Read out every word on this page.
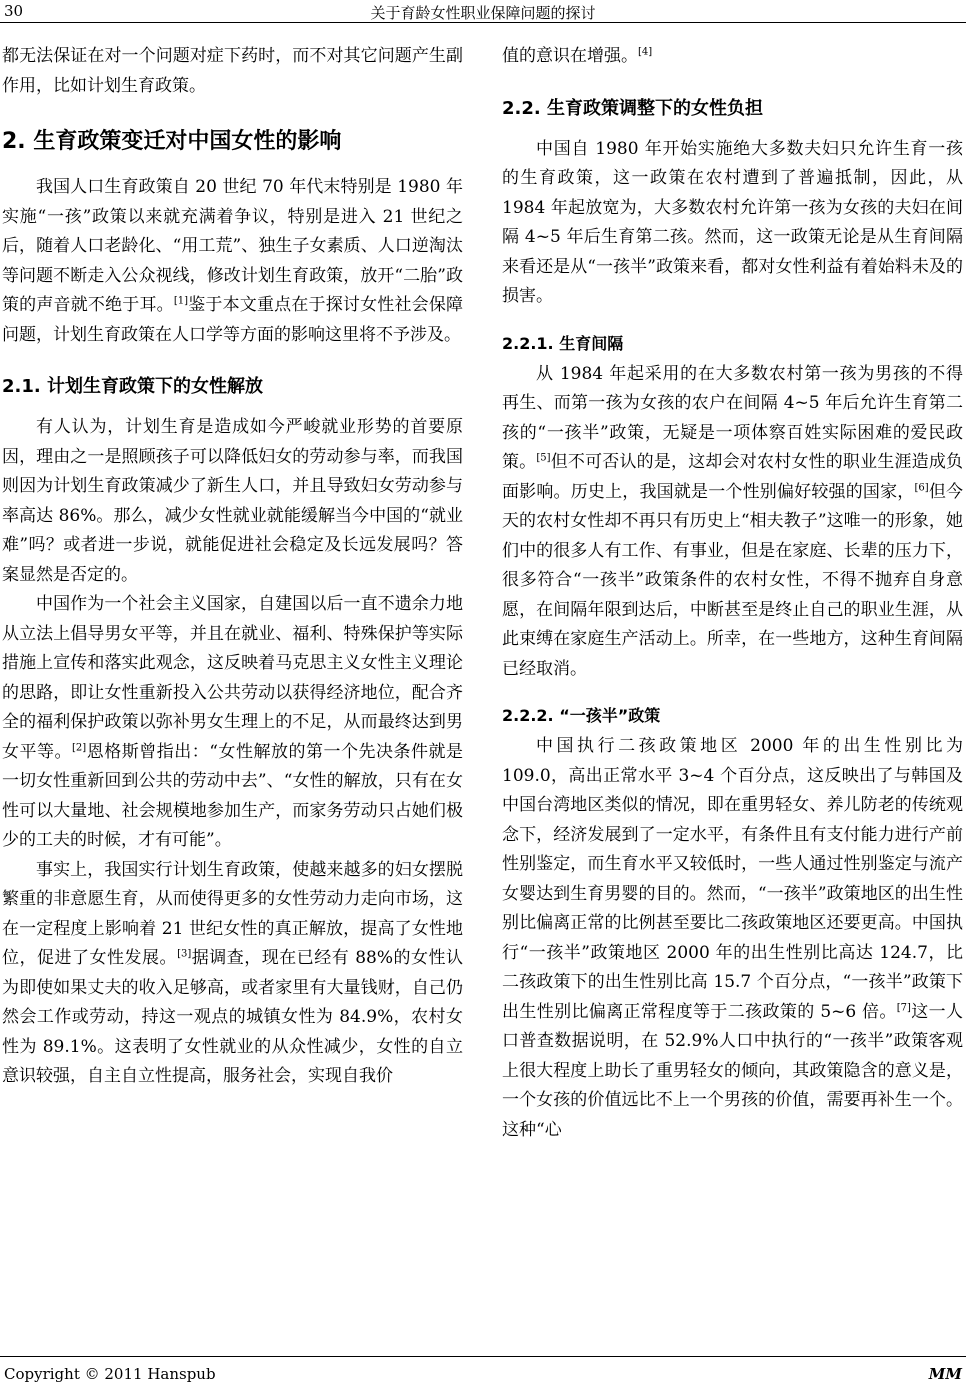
30	关于育龄女性职业保障问题的探讨

都无法保证在对一个问题对症下药时，而不对其它问题产生副作用，比如计划生育政策。

2. 生育政策变迁对中国女性的影响

我国人口生育政策自 20 世纪 70 年代末特别是 1980 年实施“一孩”政策以来就充满着争议，特别是进入 21 世纪之后，随着人口老龄化、“用工荒”、独生子女素质、人口逆淘汰等问题不断走入公众视线，修改计划生育政策，放开“二胎”政策的声音就不绝于耳。[1]鉴于本文重点在于探讨女性社会保障问题，计划生育政策在人口学等方面的影响这里将不予涉及。

2.1. 计划生育政策下的女性解放

有人认为，计划生育是造成如今严峻就业形势的首要原因，理由之一是照顾孩子可以降低妇女的劳动参与率，而我国则因为计划生育政策减少了新生人口，并且导致妇女劳动参与率高达 86%。那么，减少女性就业就能缓解当今中国的“就业难”吗？或者进一步说，就能促进社会稳定及长远发展吗？答案显然是否定的。

中国作为一个社会主义国家，自建国以后一直不遗余力地从立法上倡导男女平等，并且在就业、福利、特殊保护等实际措施上宣传和落实此观念，这反映着马克思主义女性主义理论的思路，即让女性重新投入公共劳动以获得经济地位，配合齐全的福利保护政策以弥补男女生理上的不足，从而最终达到男女平等。[2]恩格斯曾指出：“女性解放的第一个先决条件就是一切女性重新回到公共的劳动中去”、“女性的解放，只有在女性可以大量地、社会规模地参加生产，而家务劳动只占她们极少的工夫的时候，才有可能”。

事实上，我国实行计划生育政策，使越来越多的妇女摆脱繁重的非意愿生育，从而使得更多的女性劳动力走向市场，这在一定程度上影响着 21 世纪女性的真正解放，提高了女性地位，促进了女性发展。[3]据调查，现在已经有 88%的女性认为即使如果丈夫的收入足够高，或者家里有大量钱财，自己仍然会工作或劳动，持这一观点的城镇女性为 84.9%，农村女性为 89.1%。这表明了女性就业的从众性减少，女性的自立意识较强，自主自立性提高，服务社会，实现自我价

值的意识在增强。[4]

2.2. 生育政策调整下的女性负担

中国自 1980 年开始实施绝大多数夫妇只允许生育一孩的生育政策，这一政策在农村遭到了普遍抵制，因此，从 1984 年起放宽为，大多数农村允许第一孩为女孩的夫妇在间隔 4~5 年后生育第二孩。然而，这一政策无论是从生育间隔来看还是从“一孩半”政策来看，都对女性利益有着始料未及的损害。

2.2.1. 生育间隔

从 1984 年起采用的在大多数农村第一孩为男孩的不得再生、而第一孩为女孩的农户在间隔 4~5 年后允许生育第二孩的“一孩半”政策，无疑是一项体察百姓实际困难的爱民政策。[5]但不可否认的是，这却会对农村女性的职业生涯造成负面影响。历史上，我国就是一个性别偏好较强的国家，[6]但今天的农村女性却不再只有历史上“相夫教子”这唯一的形象，她们中的很多人有工作、有事业，但是在家庭、长辈的压力下，很多符合“一孩半”政策条件的农村女性，不得不抛弃自身意愿，在间隔年限到达后，中断甚至是终止自己的职业生涯，从此束缚在家庭生产活动上。所幸，在一些地方，这种生育间隔已经取消。

2.2.2. “一孩半”政策

中国执行二孩政策地区 2000 年的出生性别比为 109.0，高出正常水平 3~4 个百分点，这反映出了与韩国及中国台湾地区类似的情况，即在重男轻女、养儿防老的传统观念下，经济发展到了一定水平，有条件且有支付能力进行产前性别鉴定，而生育水平又较低时，一些人通过性别鉴定与流产女婴达到生育男婴的目的。然而，“一孩半”政策地区的出生性别比偏离正常的比例甚至要比二孩政策地区还要更高。中国执行“一孩半”政策地区 2000 年的出生性别比高达 124.7，比二孩政策下的出生性别比高 15.7 个百分点，“一孩半”政策下出生性别比偏离正常程度等于二孩政策的 5~6 倍。[7]这一人口普查数据说明，在 52.9%人口中执行的“一孩半”政策客观上很大程度上助长了重男轻女的倾向，其政策隐含的意义是，一个女孩的价值远比不上一个男孩的价值，需要再补生一个。这种“心

Copyright © 2011 Hanspub	MM
